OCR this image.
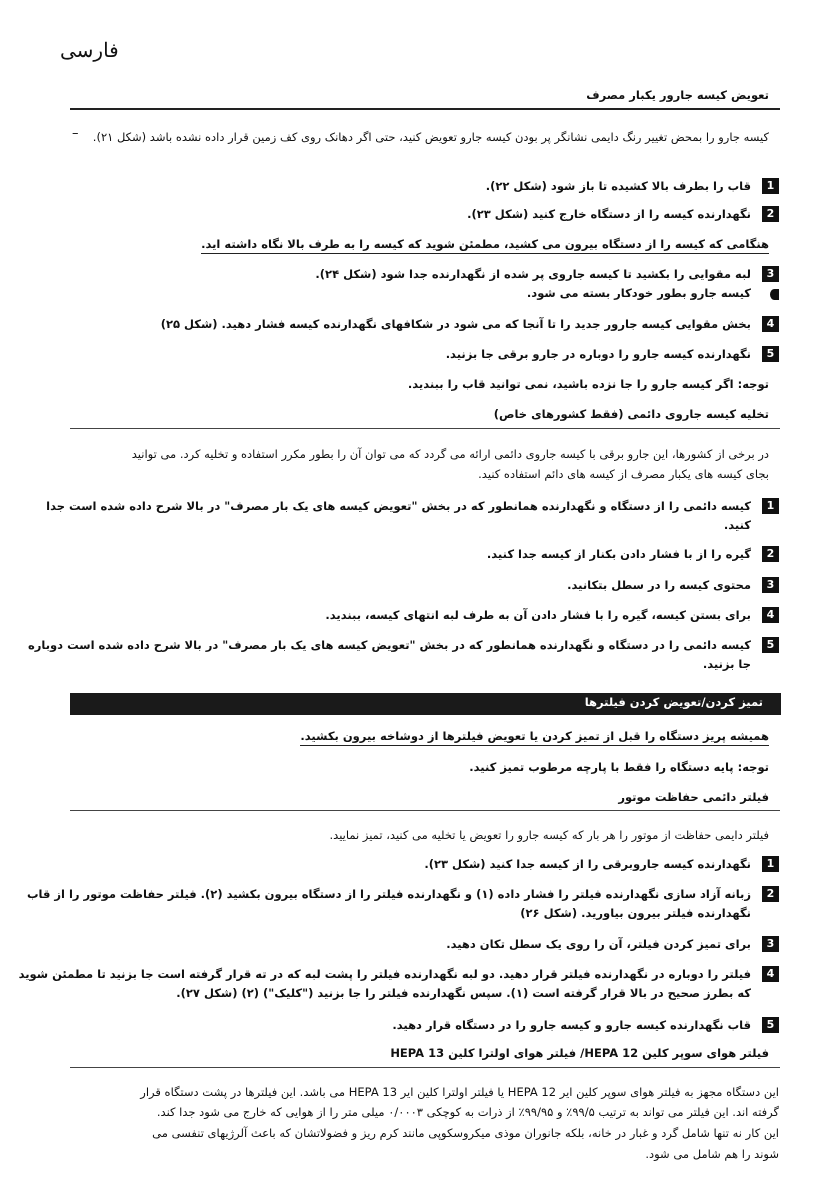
فارسی
تعویض کیسه جارور یکبار مصرف
– کیسه جارو را بمحض تغییر رنگ دایمی نشانگر پر بودن کیسه جارو تعویض کنید، حتی اگر دهانک روی کف زمین قرار داده نشده باشد (شکل ۲۱).
1
قاب را بطرف بالا کشیده تا باز شود (شکل ۲۲).
2
نگهدارنده کیسه را از دستگاه خارج کنید (شکل ۲۳).
هنگامی که کیسه را از دستگاه بیرون می کشید، مطمئن شوید که کیسه را به طرف بالا نگاه داشته اید.
3
لبه مقوایی را بکشید تا کیسه جاروی پر شده از نگهدارنده جدا شود (شکل ۲۴).
کیسه جارو بطور خودکار بسته می شود.
4
بخش مقوایی کیسه جارور جدید را تا آنجا که می شود در شکافهای نگهدارنده کیسه فشار دهید. (شکل ۲۵)
5
نگهدارنده کیسه جارو را دوباره در جارو برقی جا بزنید.
توجه: اگر کیسه جارو را جا نزده باشید، نمی توانید قاب را ببندید.
تخلیه کیسه جاروی دائمی (فقط کشورهای خاص)
در برخی از کشورها، این جارو برقی با کیسه جاروی دائمی ارائه می گردد که می توان آن را بطور مکرر استفاده و تخلیه کرد. می توانید
بجای کیسه های یکبار مصرف از کیسه های دائم استفاده کنید.
1
کیسه دائمی را از دستگاه و نگهدارنده همانطور که در بخش "تعویض کیسه های یک بار مصرف" در بالا شرح داده شده است جدا
کنید.
2
گیره را از با فشار دادن بکنار از کیسه جدا کنید.
3
محتوی کیسه را در سطل بتکانید.
4
برای بستن کیسه، گیره را با فشار دادن آن به طرف لبه انتهای کیسه، ببندید.
5
کیسه دائمی را در دستگاه و نگهدارنده همانطور که در بخش "تعویض کیسه های یک بار مصرف" در بالا شرح داده شده است دوباره
جا بزنید.
تمیز کردن/تعویض کردن فیلترها
همیشه پریز دستگاه را قبل از تمیز کردن یا تعویض فیلترها از دوشاخه بیرون بکشید.
توجه: پایه دستگاه را فقط با پارچه مرطوب تمیز کنید.
فیلتر دائمی حفاظت موتور
فیلتر دایمی حفاظت از موتور را هر بار که کیسه جارو را تعویض یا تخلیه می کنید، تمیز نمایید.
1
نگهدارنده کیسه جاروبرقی را از کیسه جدا کنید (شکل ۲۳).
2
زبانه آزاد سازی نگهدارنده فیلتر را فشار داده (۱) و نگهدارنده فیلتر را از دستگاه بیرون بکشید (۲). فیلتر حفاظت موتور را از قاب
نگهدارنده فیلتر بیرون بیاورید. (شکل ۲۶)
3
برای تمیز کردن فیلتر، آن را روی یک سطل تکان دهید.
4
فیلتر را دوباره در نگهدارنده فیلتر قرار دهید. دو لبه نگهدارنده فیلتر را پشت لبه که در ته قرار گرفته است جا بزنید تا مطمئن شوید
که بطرز صحیح در بالا قرار گرفته است (۱). سپس نگهدارنده فیلتر را جا بزنید ("کلیک") (۲) (شکل ۲۷).
5
قاب نگهدارنده کیسه جارو و کیسه جارو را در دستگاه قرار دهید.
فیلتر هوای سوپر کلین HEPA 12/ فیلتر هوای اولترا کلین HEPA 13
این دستگاه مجهز به فیلتر هوای سوپر کلین ایر HEPA 12 یا فیلتر اولترا کلین ایر HEPA 13 می باشد. این فیلترها در پشت دستگاه قرار
گرفته اند. این فیلتر می تواند به ترتیب ۹۹/۵٪ و ۹۹/۹۵٪ از ذرات به کوچکی ۰/۰۰۰۳ میلی متر را از هوایی که خارج می شود جدا کند.
این کار نه تنها شامل گرد و غبار در خانه، بلکه جانوران موذی میکروسکوپی مانند کرم ریز و فضولاتشان که باعث آلرژیهای تنفسی می
شوند را هم شامل می شود.
